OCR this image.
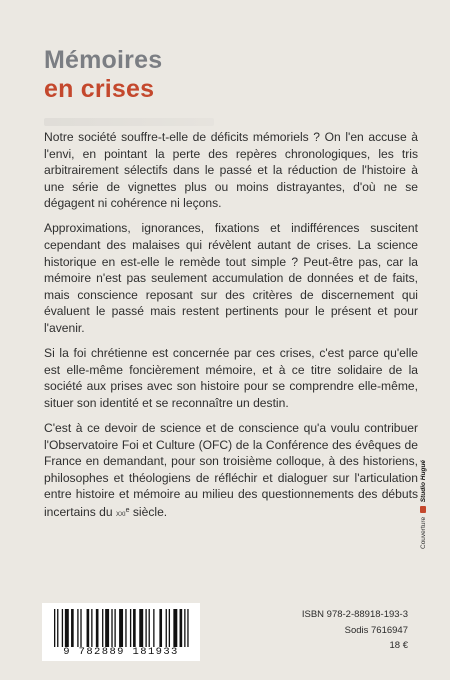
Mémoires
en crises

Notre société souffre-t-elle de déficits mémoriels ? On l'en accuse à l'envi, en pointant la perte des repères chronologiques, les tris arbitrairement sélectifs dans le passé et la réduction de l'histoire à une série de vignettes plus ou moins distrayantes, d'où ne se dégagent ni cohérence ni leçons.

Approximations, ignorances, fixations et indifférences suscitent cependant des malaises qui révèlent autant de crises. La science historique en est-elle le remède tout simple ? Peut-être pas, car la mémoire n'est pas seulement accumulation de données et de faits, mais conscience reposant sur des critères de discernement qui évaluent le passé mais restent pertinents pour le présent et pour l'avenir.

Si la foi chrétienne est concernée par ces crises, c'est parce qu'elle est elle-même foncièrement mémoire, et à ce titre solidaire de la société aux prises avec son histoire pour se comprendre elle-même, situer son identité et se reconnaître un destin.

C'est à ce devoir de science et de conscience qu'a voulu contribuer l'Observatoire Foi et Culture (OFC) de la Conférence des évêques de France en demandant, pour son troisième colloque, à des historiens, philosophes et théologiens de réfléchir et dialoguer sur l'articulation entre histoire et mémoire au milieu des questionnements des débuts incertains du xxi$^e$ siècle.

9 782889 181933
ISBN 978-2-88918-193-3
Sodis 7616947
18 €
Couverture  Studio Hugué
